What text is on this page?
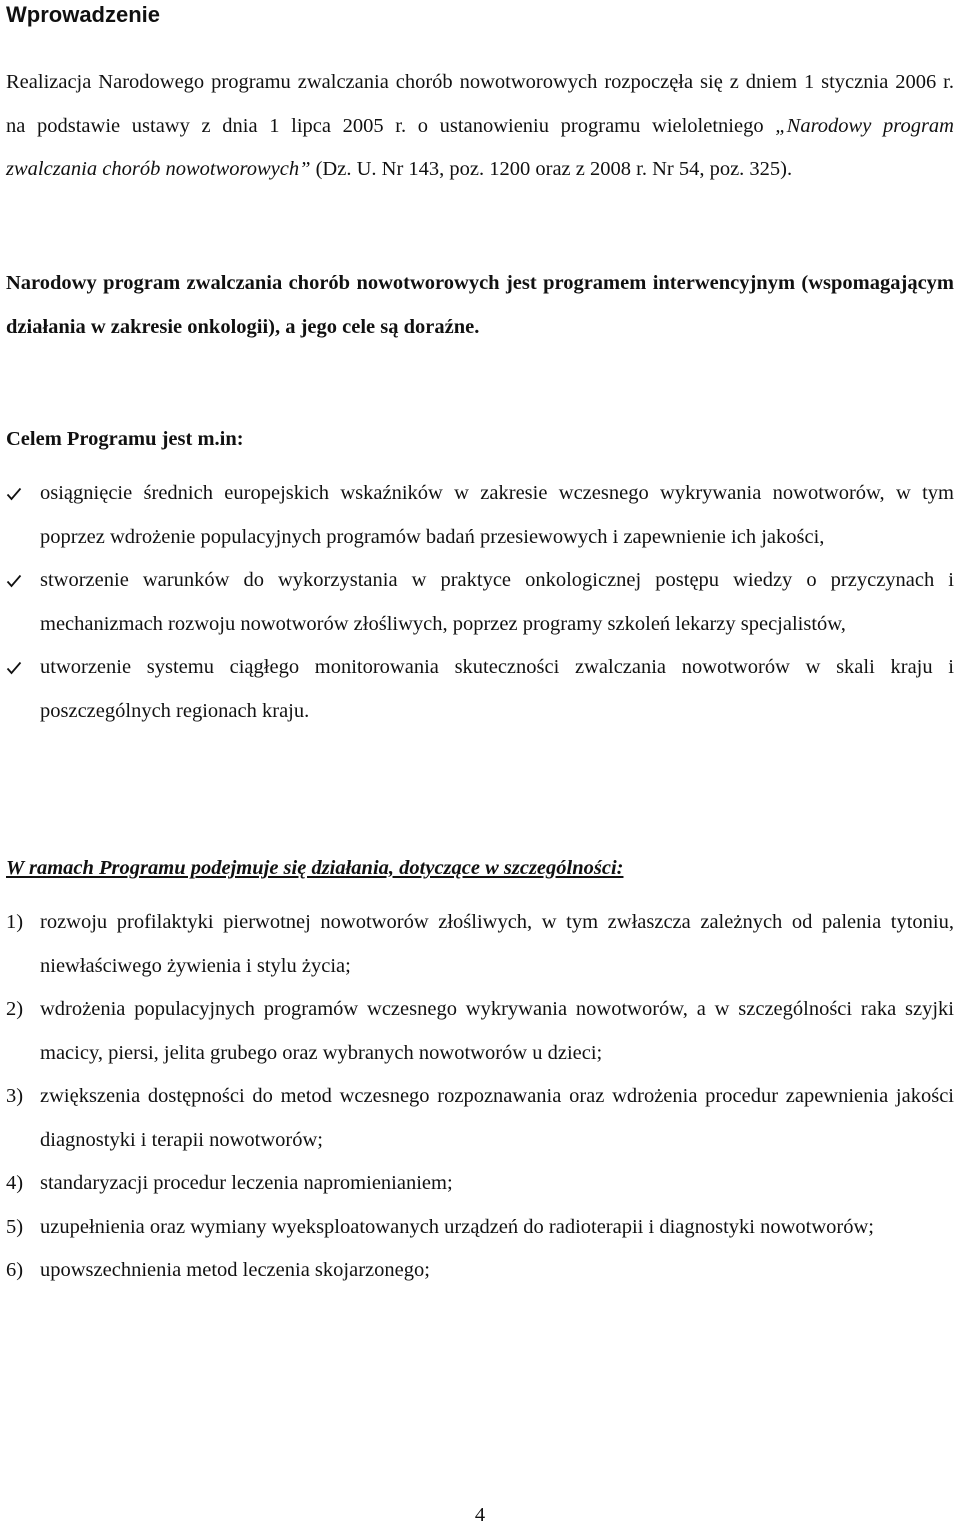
Wprowadzenie
Realizacja Narodowego programu zwalczania chorób nowotworowych rozpoczęła się z dniem 1 stycznia 2006 r. na podstawie ustawy z dnia 1 lipca 2005 r. o ustanowieniu programu wieloletniego „Narodowy program zwalczania chorób nowotworowych” (Dz. U. Nr 143, poz. 1200 oraz z 2008 r. Nr 54, poz. 325).
Narodowy program zwalczania chorób nowotworowych jest programem interwencyjnym (wspomagającym działania w zakresie onkologii), a jego cele są doraźne.
Celem Programu jest m.in:
osiągnięcie średnich europejskich wskaźników w zakresie wczesnego wykrywania nowotworów, w tym poprzez wdrożenie populacyjnych programów badań przesiewowych i zapewnienie ich jakości,
stworzenie warunków do wykorzystania w praktyce onkologicznej postępu wiedzy o przyczynach i mechanizmach rozwoju nowotworów złośliwych, poprzez programy szkoleń lekarzy specjalistów,
utworzenie systemu ciągłego monitorowania skuteczności zwalczania nowotworów w skali kraju i poszczególnych regionach kraju.
W ramach Programu podejmuje się działania, dotyczące w szczególności:
1) rozwoju profilaktyki pierwotnej nowotworów złośliwych, w tym zwłaszcza zależnych od palenia tytoniu, niewłaściwego żywienia i stylu życia;
2) wdrożenia populacyjnych programów wczesnego wykrywania nowotworów, a w szczególności raka szyjki macicy, piersi, jelita grubego oraz wybranych nowotworów u dzieci;
3) zwiększenia dostępności do metod wczesnego rozpoznawania oraz wdrożenia procedur zapewnienia jakości diagnostyki i terapii nowotworów;
4) standaryzacji procedur leczenia napromienianiem;
5) uzupełnienia oraz wymiany wyeksploatowanych urządzeń do radioterapii i diagnostyki nowotworów;
6) upowszechnienia metod leczenia skojarzonego;
4
